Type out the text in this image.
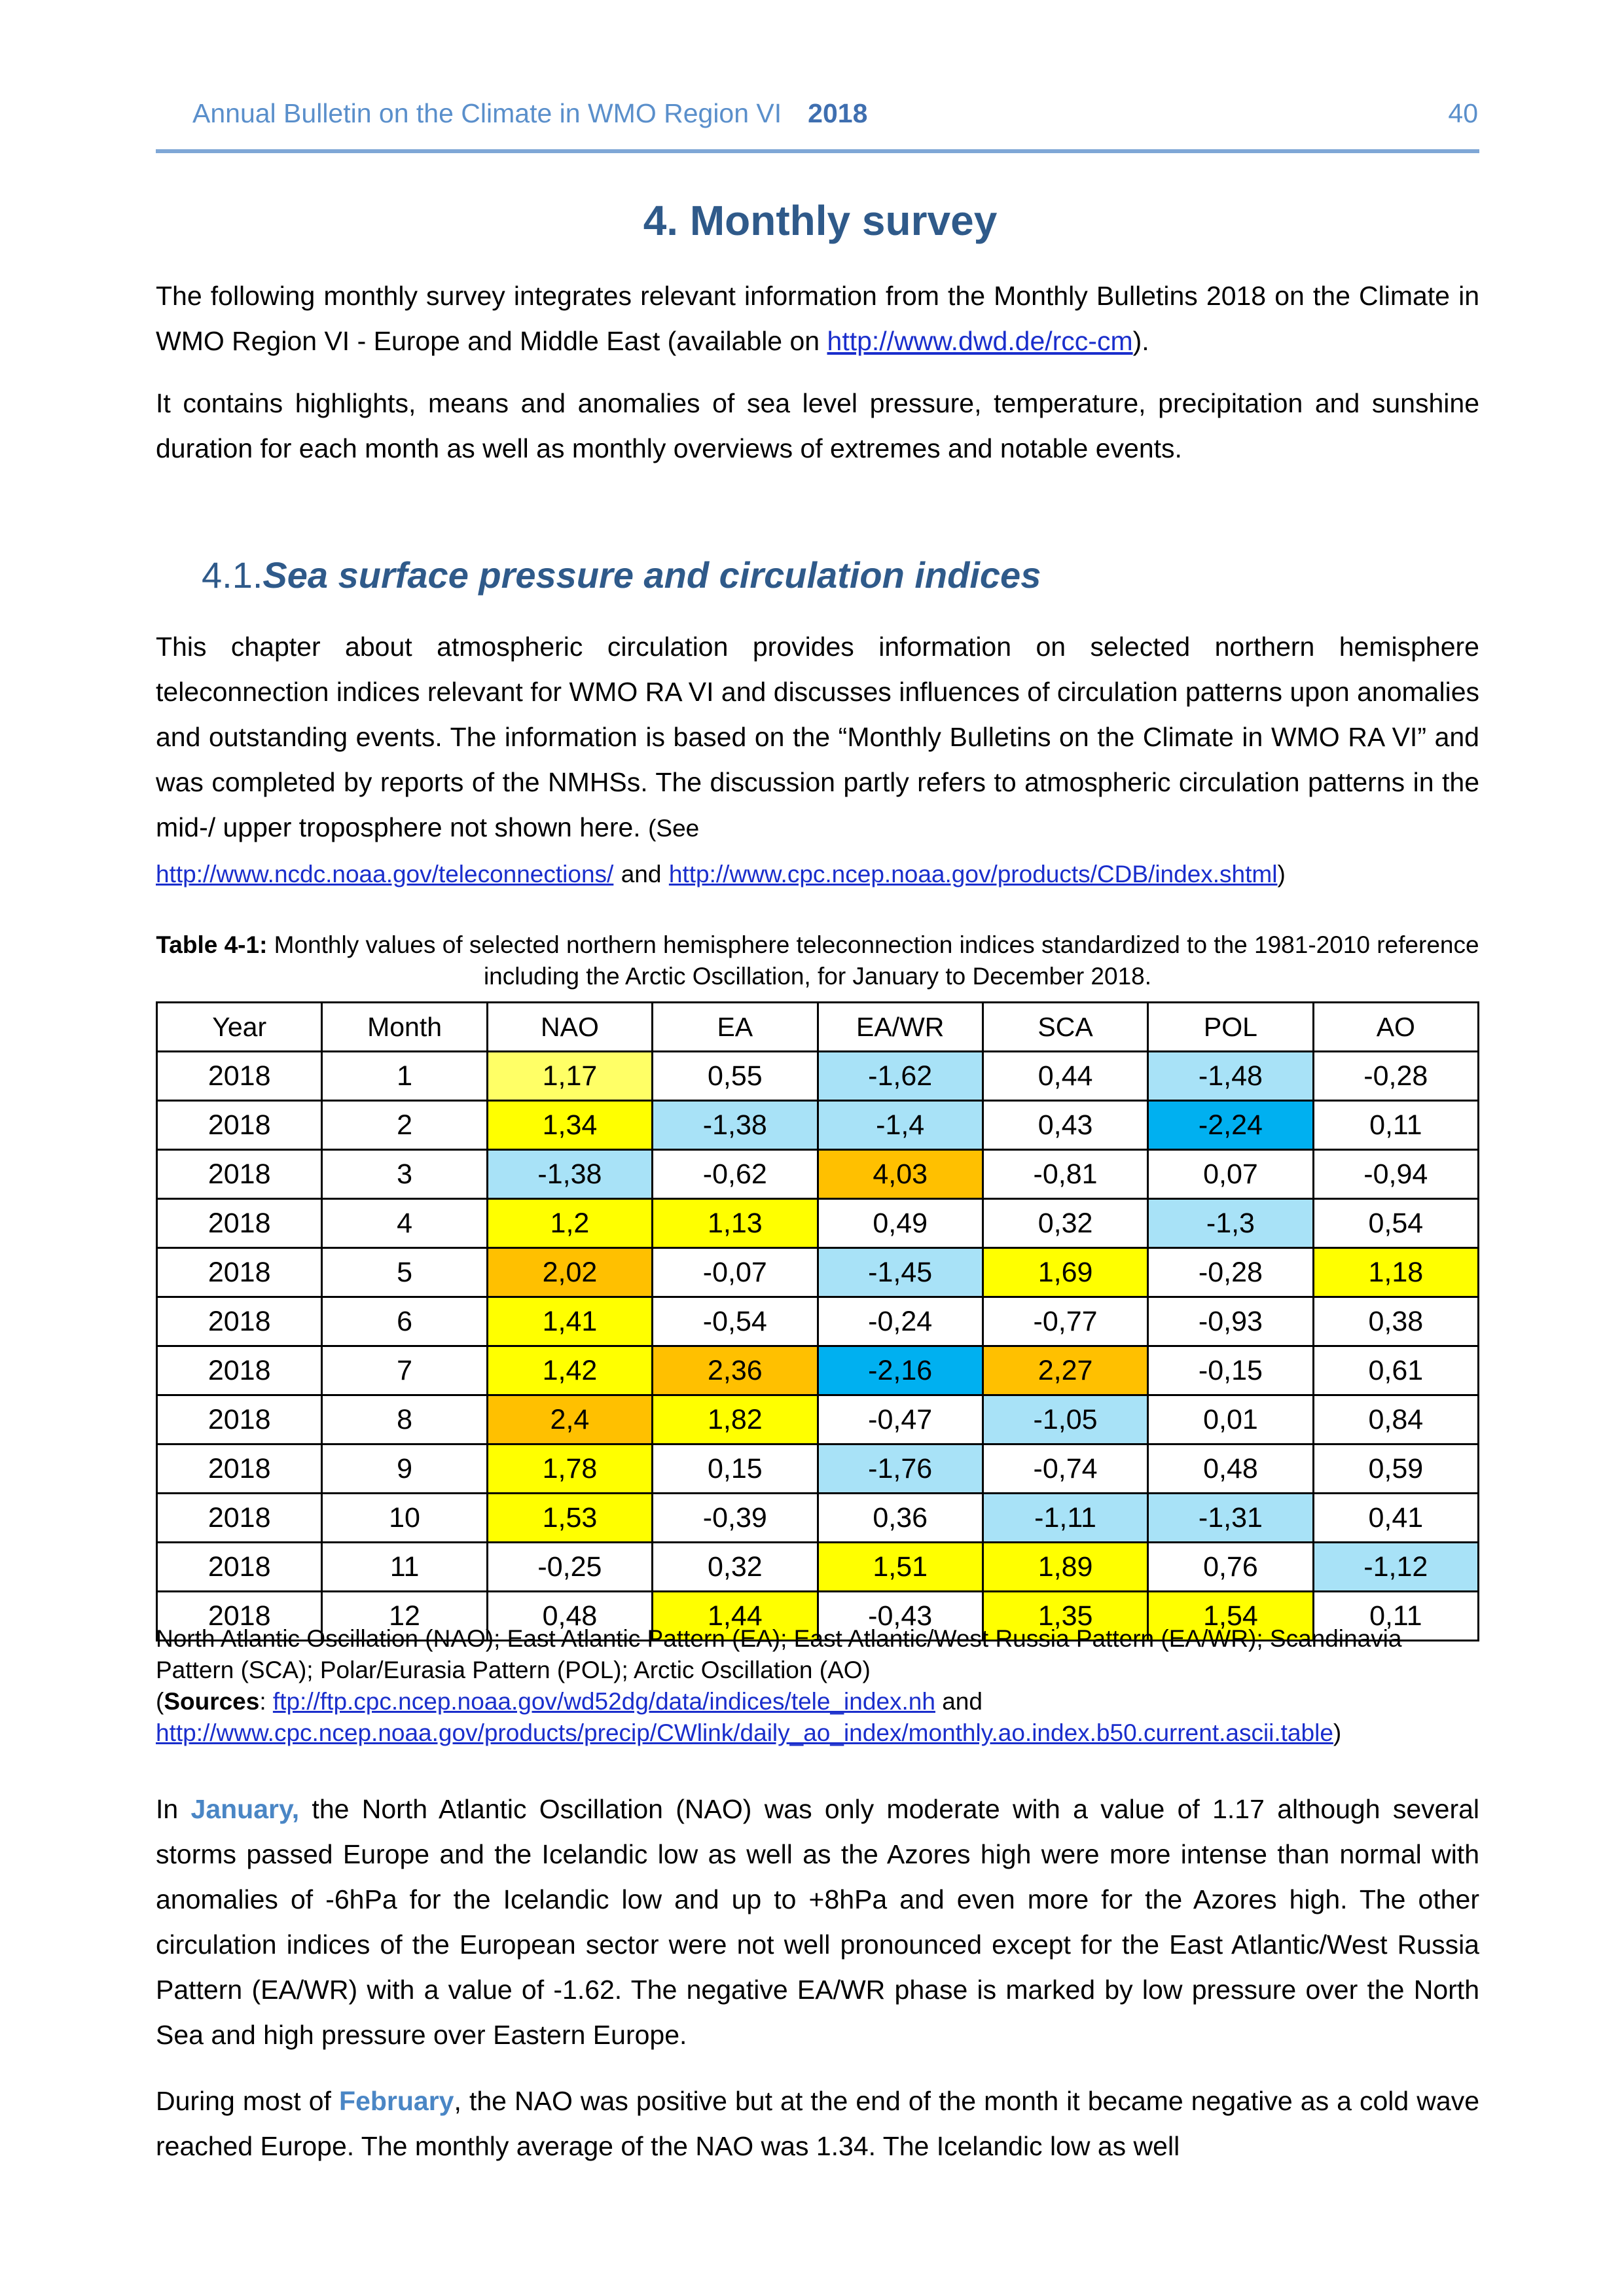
Annual Bulletin on the Climate in WMO Region VI 2018	40
4. Monthly survey

The following monthly survey integrates relevant information from the Monthly Bulletins 2018 on the Climate in WMO Region VI - Europe and Middle East (available on http://www.dwd.de/rcc-cm).

It contains highlights, means and anomalies of sea level pressure, temperature, precipitation and sunshine duration for each month as well as monthly overviews of extremes and notable events.

4.1.Sea surface pressure and circulation indices

This chapter about atmospheric circulation provides information on selected northern hemisphere teleconnection indices relevant for WMO RA VI and discusses influences of circulation patterns upon anomalies and outstanding events. The information is based on the “Monthly Bulletins on the Climate in WMO RA VI” and was completed by reports of the NMHSs. The discussion partly refers to atmospheric circulation patterns in the mid-/ upper troposphere not shown here. (See
http://www.ncdc.noaa.gov/teleconnections/ and http://www.cpc.ncep.noaa.gov/products/CDB/index.shtml)

Table 4-1: Monthly values of selected northern hemisphere teleconnection indices standardized to the 1981-2010 reference including the Arctic Oscillation, for January to December 2018.
Year	Month	NAO	EA	EA/WR	SCA	POL	AO
2018	1	1,17	0,55	-1,62	0,44	-1,48	-0,28
2018	2	1,34	-1,38	-1,4	0,43	-2,24	0,11
2018	3	-1,38	-0,62	4,03	-0,81	0,07	-0,94
2018	4	1,2	1,13	0,49	0,32	-1,3	0,54
2018	5	2,02	-0,07	-1,45	1,69	-0,28	1,18
2018	6	1,41	-0,54	-0,24	-0,77	-0,93	0,38
2018	7	1,42	2,36	-2,16	2,27	-0,15	0,61
2018	8	2,4	1,82	-0,47	-1,05	0,01	0,84
2018	9	1,78	0,15	-1,76	-0,74	0,48	0,59
2018	10	1,53	-0,39	0,36	-1,11	-1,31	0,41
2018	11	-0,25	0,32	1,51	1,89	0,76	-1,12
2018	12	0,48	1,44	-0,43	1,35	1,54	0,11
North Atlantic Oscillation (NAO); East Atlantic Pattern (EA); East Atlantic/West Russia Pattern (EA/WR); Scandinavia Pattern (SCA); Polar/Eurasia Pattern (POL); Arctic Oscillation (AO)
(Sources: ftp://ftp.cpc.ncep.noaa.gov/wd52dg/data/indices/tele_index.nh and
http://www.cpc.ncep.noaa.gov/products/precip/CWlink/daily_ao_index/monthly.ao.index.b50.current.ascii.table)

In January, the North Atlantic Oscillation (NAO) was only moderate with a value of 1.17 although several storms passed Europe and the Icelandic low as well as the Azores high were more intense than normal with anomalies of -6hPa for the Icelandic low and up to +8hPa and even more for the Azores high. The other circulation indices of the European sector were not well pronounced except for the East Atlantic/West Russia Pattern (EA/WR) with a value of -1.62. The negative EA/WR phase is marked by low pressure over the North Sea and high pressure over Eastern Europe.

During most of February, the NAO was positive but at the end of the month it became negative as a cold wave reached Europe. The monthly average of the NAO was 1.34. The Icelandic low as well
